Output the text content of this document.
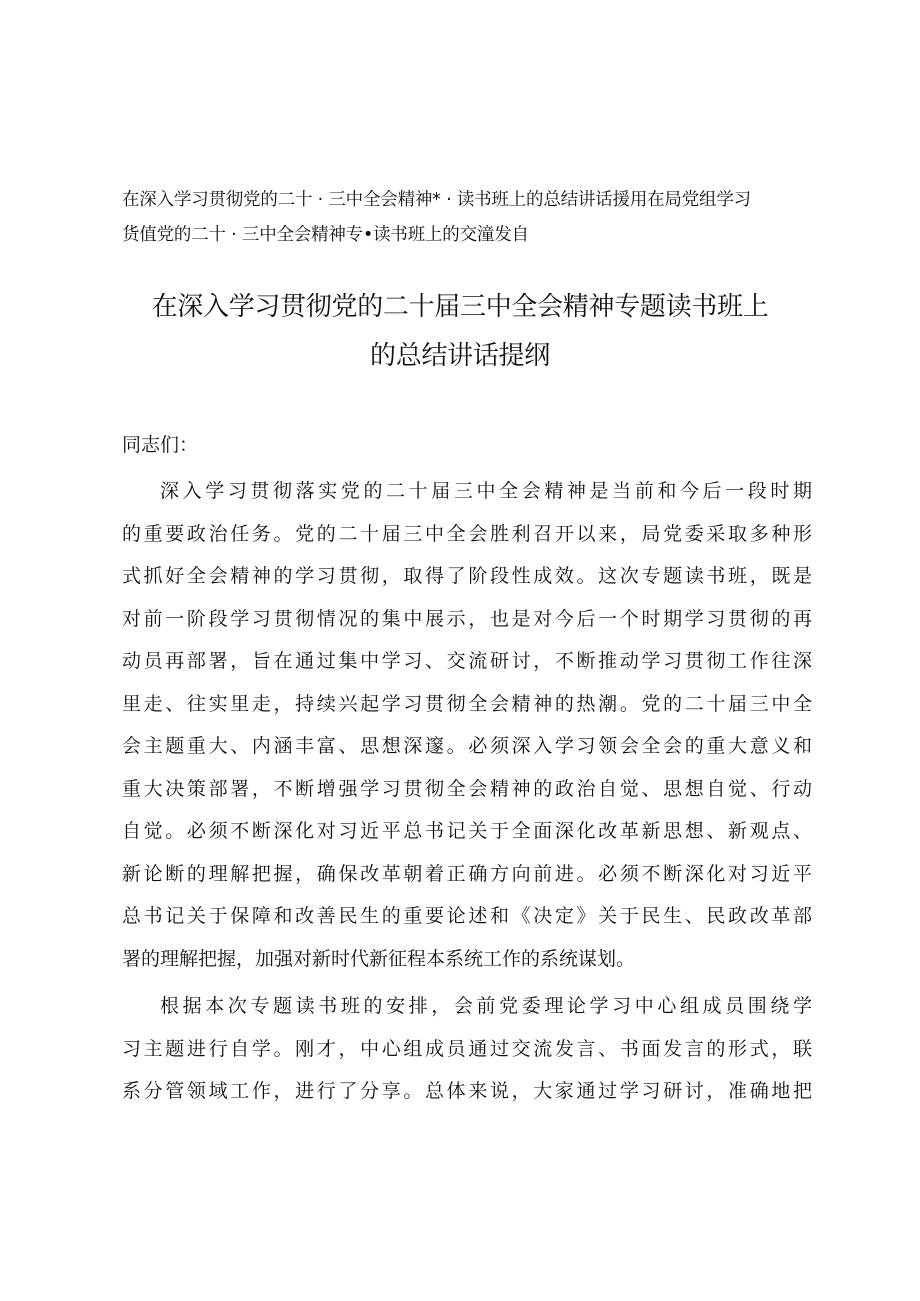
在深入学习贯彻党的二十 · 三中全会精神* · 读书班上的总结讲话援用在局党组学习
货值党的二十 · 三中全会精神专•读书班上的交潼发自
在深入学习贯彻党的二十届三中全会精神专题读书班上
的总结讲话提纲
同志们：
深入学习贯彻落实党的二十届三中全会精神是当前和今后一段时期
的重要政治任务。党的二十届三中全会胜利召开以来，局党委采取多种形
式抓好全会精神的学习贯彻，取得了阶段性成效。这次专题读书班，既是
对前一阶段学习贯彻情况的集中展示，也是对今后一个时期学习贯彻的再
动员再部署，旨在通过集中学习、交流研讨，不断推动学习贯彻工作往深
里走、往实里走，持续兴起学习贯彻全会精神的热潮。党的二十届三中全
会主题重大、内涵丰富、思想深邃。必须深入学习领会全会的重大意义和
重大决策部署，不断增强学习贯彻全会精神的政治自觉、思想自觉、行动
自觉。必须不断深化对习近平总书记关于全面深化改革新思想、新观点、
新论断的理解把握，确保改革朝着正确方向前进。必须不断深化对习近平
总书记关于保障和改善民生的重要论述和《决定》关于民生、民政改革部
署的理解把握，加强对新时代新征程本系统工作的系统谋划。
根据本次专题读书班的安排，会前党委理论学习中心组成员围绕学
习主题进行自学。刚才，中心组成员通过交流发言、书面发言的形式，联
系分管领域工作，进行了分享。总体来说，大家通过学习研讨，准确地把
